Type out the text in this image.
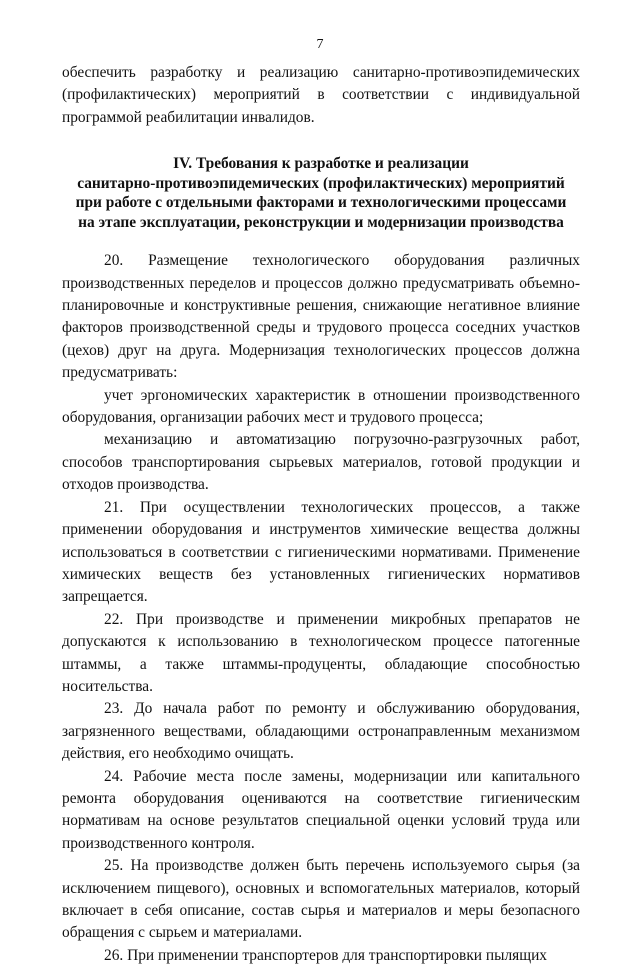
7

обеспечить разработку и реализацию санитарно-противоэпидемических (профилактических) мероприятий в соответствии с индивидуальной программой реабилитации инвалидов.

IV. Требования к разработке и реализации
санитарно-противоэпидемических (профилактических) мероприятий
при работе с отдельными факторами и технологическими процессами
на этапе эксплуатации, реконструкции и модернизации производства

20. Размещение технологического оборудования различных производственных переделов и процессов должно предусматривать объемно-планировочные и конструктивные решения, снижающие негативное влияние факторов производственной среды и трудового процесса соседних участков (цехов) друг на друга. Модернизация технологических процессов должна предусматривать:

учет эргономических характеристик в отношении производственного оборудования, организации рабочих мест и трудового процесса;

механизацию и автоматизацию погрузочно-разгрузочных работ, способов транспортирования сырьевых материалов, готовой продукции и отходов производства.

21. При осуществлении технологических процессов, а также применении оборудования и инструментов химические вещества должны использоваться в соответствии с гигиеническими нормативами. Применение химических веществ без установленных гигиенических нормативов запрещается.

22. При производстве и применении микробных препаратов не допускаются к использованию в технологическом процессе патогенные штаммы, а также штаммы-продуценты, обладающие способностью носительства.

23. До начала работ по ремонту и обслуживанию оборудования, загрязненного веществами, обладающими остронаправленным механизмом действия, его необходимо очищать.

24. Рабочие места после замены, модернизации или капитального ремонта оборудования оцениваются на соответствие гигиеническим нормативам на основе результатов специальной оценки условий труда или производственного контроля.

25. На производстве должен быть перечень используемого сырья (за исключением пищевого), основных и вспомогательных материалов, который включает в себя описание, состав сырья и материалов и меры безопасного обращения с сырьем и материалами.

26. При применении транспортеров для транспортировки пылящих
